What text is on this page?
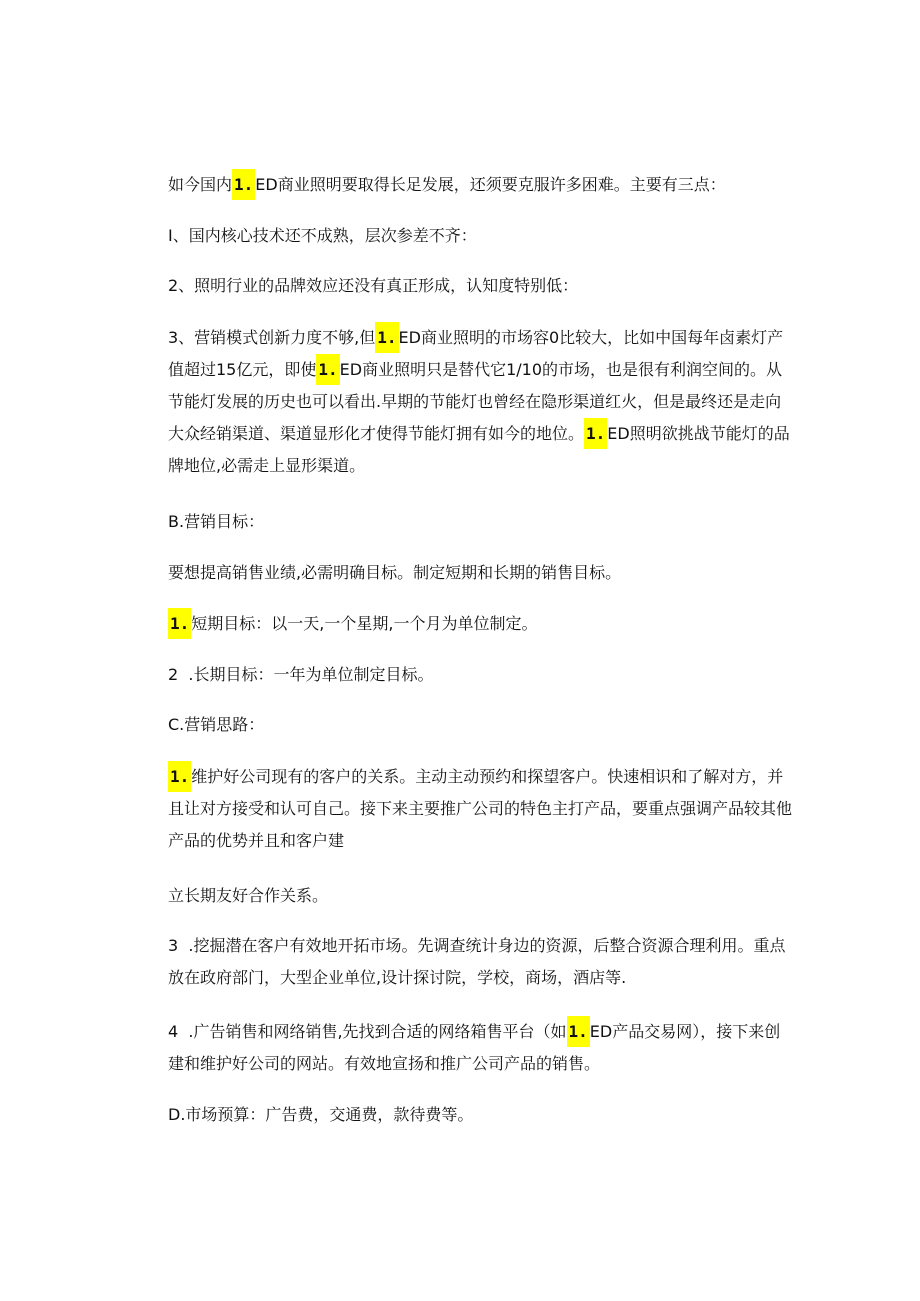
如今国内 1. ED商业照明要取得长足发展，还须要克服许多困难。主要有三点：

I、国内核心技术还不成熟，层次参差不齐：

2、照明行业的品牌效应还没有真正形成，认知度特别低：

3、营销模式创新力度不够,但 1. ED商业照明的市场容0比较大，比如中国每年卤素灯产值超过15亿元，即使 1. ED商业照明只是替代它1/10的市场，也是很有利润空间的。从节能灯发展的历史也可以看出.早期的节能灯也曾经在隐形渠道红火，但是最终还是走向大众经销渠道、渠道显形化才使得节能灯拥有如今的地位。 1. ED照明欲挑战节能灯的品牌地位,必需走上显形渠道。

B.营销目标：

要想提高销售业绩,必需明确目标。制定短期和长期的销售目标。

1. 短期目标：以一天,一个星期,一个月为单位制定。

2  .长期目标：一年为单位制定目标。

C.营销思路：

1. 维护好公司现有的客户的关系。主动主动预约和探望客户。快速相识和了解对方，并且让对方接受和认可自己。接下来主要推广公司的特色主打产品，要重点强调产品较其他产品的优势并且和客户建

立长期友好合作关系。

3  .挖掘潜在客户有效地开拓市场。先调查统计身边的资源，后整合资源合理利用。重点放在政府部门，大型企业单位,设计探讨院，学校，商场，酒店等.

4  .广告销售和网络销售,先找到合适的网络箱售平台（如 1. ED产品交易网），接下来创建和维护好公司的网站。有效地宣扬和推广公司产品的销售。

D.市场预算：广告费，交通费，款待费等。
